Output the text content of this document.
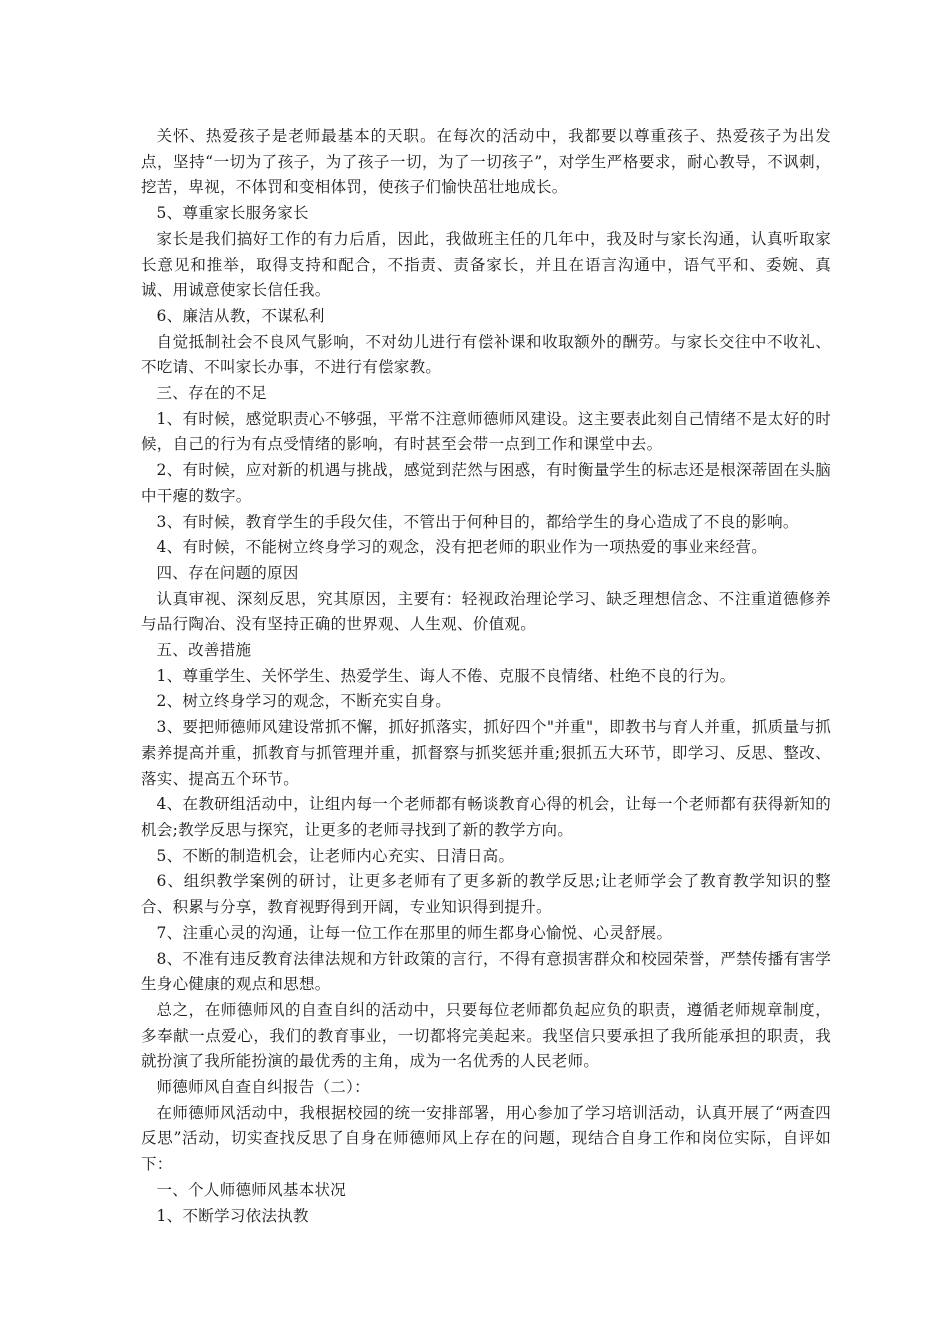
关怀、热爱孩子是老师最基本的天职。在每次的活动中，我都要以尊重孩子、热爱孩子为出发点，坚持“一切为了孩子，为了孩子一切，为了一切孩子”，对学生严格要求，耐心教导，不讽刺，挖苦，卑视，不体罚和变相体罚，使孩子们愉快茁壮地成长。

5、尊重家长服务家长

家长是我们搞好工作的有力后盾，因此，我做班主任的几年中，我及时与家长沟通，认真听取家长意见和推举，取得支持和配合，不指责、责备家长，并且在语言沟通中，语气平和、委婉、真诚、用诚意使家长信任我。

6、廉洁从教，不谋私利

自觉抵制社会不良风气影响，不对幼儿进行有偿补课和收取额外的酬劳。与家长交往中不收礼、不吃请、不叫家长办事，不进行有偿家教。

三、存在的不足

1、有时候，感觉职责心不够强，平常不注意师德师风建设。这主要表此刻自己情绪不是太好的时候，自己的行为有点受情绪的影响，有时甚至会带一点到工作和课堂中去。

2、有时候，应对新的机遇与挑战，感觉到茫然与困惑，有时衡量学生的标志还是根深蒂固在头脑中干瘪的数字。

3、有时候，教育学生的手段欠佳，不管出于何种目的，都给学生的身心造成了不良的影响。

4、有时候，不能树立终身学习的观念，没有把老师的职业作为一项热爱的事业来经营。

四、存在问题的原因

认真审视、深刻反思，究其原因，主要有：轻视政治理论学习、缺乏理想信念、不注重道德修养与品行陶冶、没有坚持正确的世界观、人生观、价值观。

五、改善措施

1、尊重学生、关怀学生、热爱学生、诲人不倦、克服不良情绪、杜绝不良的行为。

2、树立终身学习的观念，不断充实自身。

3、要把师德师风建设常抓不懈，抓好抓落实，抓好四个"并重"，即教书与育人并重，抓质量与抓素养提高并重，抓教育与抓管理并重，抓督察与抓奖惩并重;狠抓五大环节，即学习、反思、整改、落实、提高五个环节。

4、在教研组活动中，让组内每一个老师都有畅谈教育心得的机会，让每一个老师都有获得新知的机会;教学反思与探究，让更多的老师寻找到了新的教学方向。

5、不断的制造机会，让老师内心充实、日清日高。

6、组织教学案例的研讨，让更多老师有了更多新的教学反思;让老师学会了教育教学知识的整合、积累与分享，教育视野得到开阔，专业知识得到提升。

7、注重心灵的沟通，让每一位工作在那里的师生都身心愉悦、心灵舒展。

8、不准有违反教育法律法规和方针政策的言行，不得有意损害群众和校园荣誉，严禁传播有害学生身心健康的观点和思想。

总之，在师德师风的自查自纠的活动中，只要每位老师都负起应负的职责，遵循老师规章制度，多奉献一点爱心，我们的教育事业，一切都将完美起来。我坚信只要承担了我所能承担的职责，我就扮演了我所能扮演的最优秀的主角，成为一名优秀的人民老师。

师德师风自查自纠报告（二）：

在师德师风活动中，我根据校园的统一安排部署，用心参加了学习培训活动，认真开展了“两查四反思”活动，切实查找反思了自身在师德师风上存在的问题，现结合自身工作和岗位实际，自评如下：

一、个人师德师风基本状况

1、不断学习依法执教
